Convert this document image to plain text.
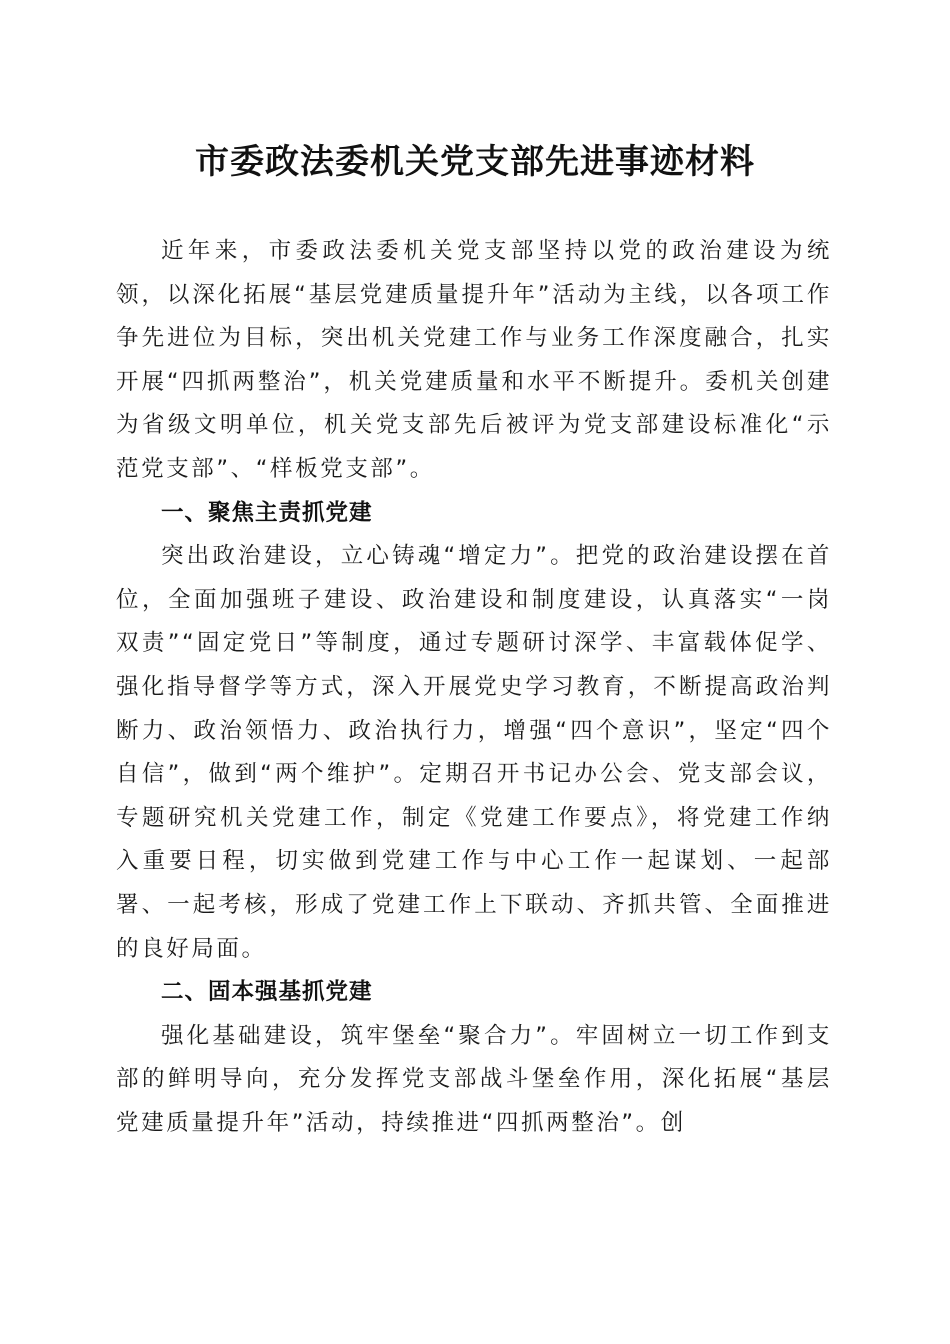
市委政法委机关党支部先进事迹材料

近年来，市委政法委机关党支部坚持以党的政治建设为统领，以深化拓展“基层党建质量提升年”活动为主线，以各项工作争先进位为目标，突出机关党建工作与业务工作深度融合，扎实开展“四抓两整治”，机关党建质量和水平不断提升。委机关创建为省级文明单位，机关党支部先后被评为党支部建设标准化“示范党支部”、“样板党支部”。

一、聚焦主责抓党建

突出政治建设，立心铸魂“增定力”。把党的政治建设摆在首位，全面加强班子建设、政治建设和制度建设，认真落实“一岗双责”“固定党日”等制度，通过专题研讨深学、丰富载体促学、强化指导督学等方式，深入开展党史学习教育，不断提高政治判断力、政治领悟力、政治执行力，增强“四个意识”，坚定“四个自信”，做到“两个维护”。定期召开书记办公会、党支部会议，专题研究机关党建工作，制定《党建工作要点》，将党建工作纳入重要日程，切实做到党建工作与中心工作一起谋划、一起部署、一起考核，形成了党建工作上下联动、齐抓共管、全面推进的良好局面。

二、固本强基抓党建

强化基础建设，筑牢堡垒“聚合力”。牢固树立一切工作到支部的鲜明导向，充分发挥党支部战斗堡垒作用，深化拓展“基层党建质量提升年”活动，持续推进“四抓两整治”。创
